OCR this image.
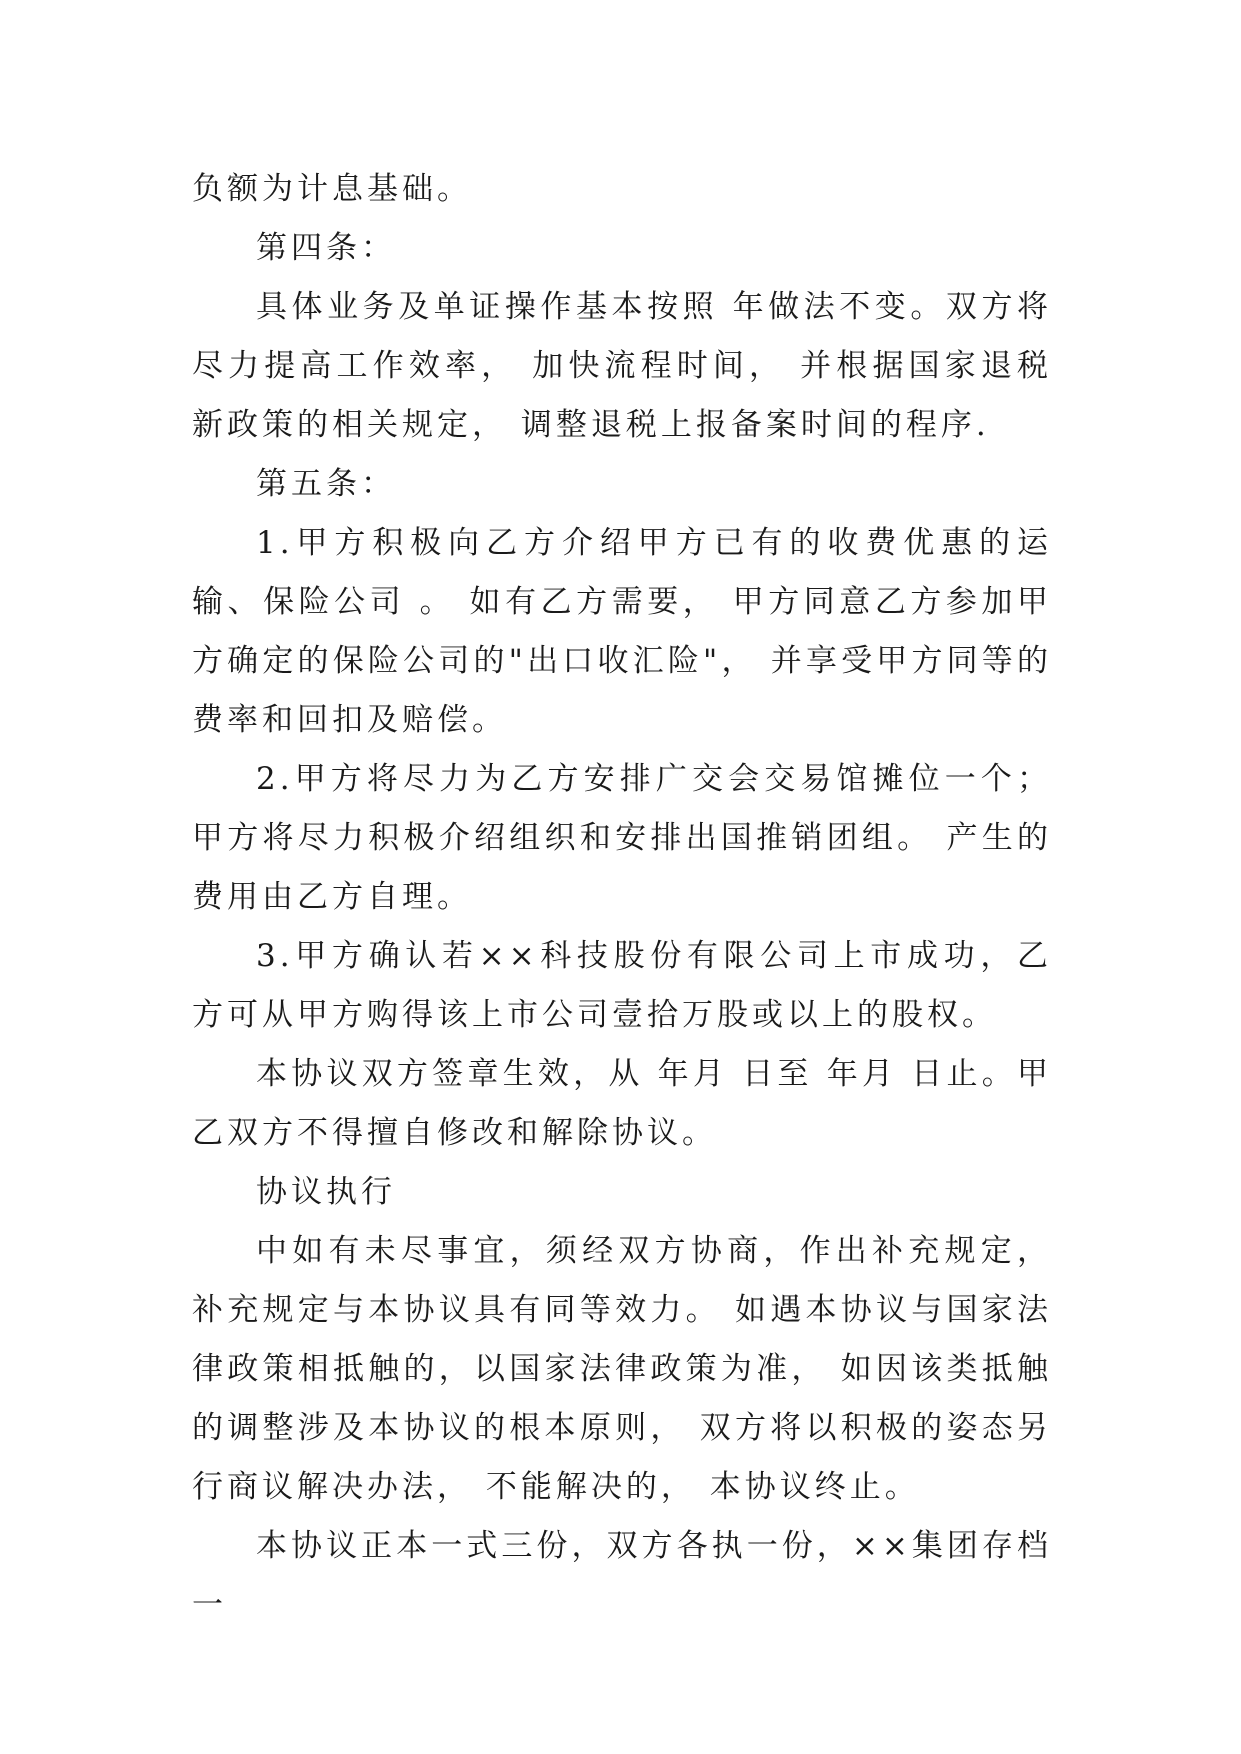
负额为计息基础。

第四条：

具体业务及单证操作基本按照 年做法不变。双方将尽力提高工作效率， 加快流程时间， 并根据国家退税新政策的相关规定， 调整退税上报备案时间的程序.

第五条：

1.甲方积极向乙方介绍甲方已有的收费优惠的运输、保险公司 。 如有乙方需要， 甲方同意乙方参加甲方确定的保险公司的"出口收汇险"， 并享受甲方同等的费率和回扣及赔偿。

2.甲方将尽力为乙方安排广交会交易馆摊位一个； 甲方将尽力积极介绍组织和安排出国推销团组。 产生的费用由乙方自理。

3.甲方确认若××科技股份有限公司上市成功，乙方可从甲方购得该上市公司壹拾万股或以上的股权。

本协议双方签章生效，从 年月 日至 年月 日止。甲乙双方不得擅自修改和解除协议。

协议执行

中如有未尽事宜，须经双方协商，作出补充规定，补充规定与本协议具有同等效力。 如遇本协议与国家法律政策相抵触的，以国家法律政策为准， 如因该类抵触的调整涉及本协议的根本原则， 双方将以积极的姿态另行商议解决办法， 不能解决的， 本协议终止。

本协议正本一式三份，双方各执一份，××集团存档一
